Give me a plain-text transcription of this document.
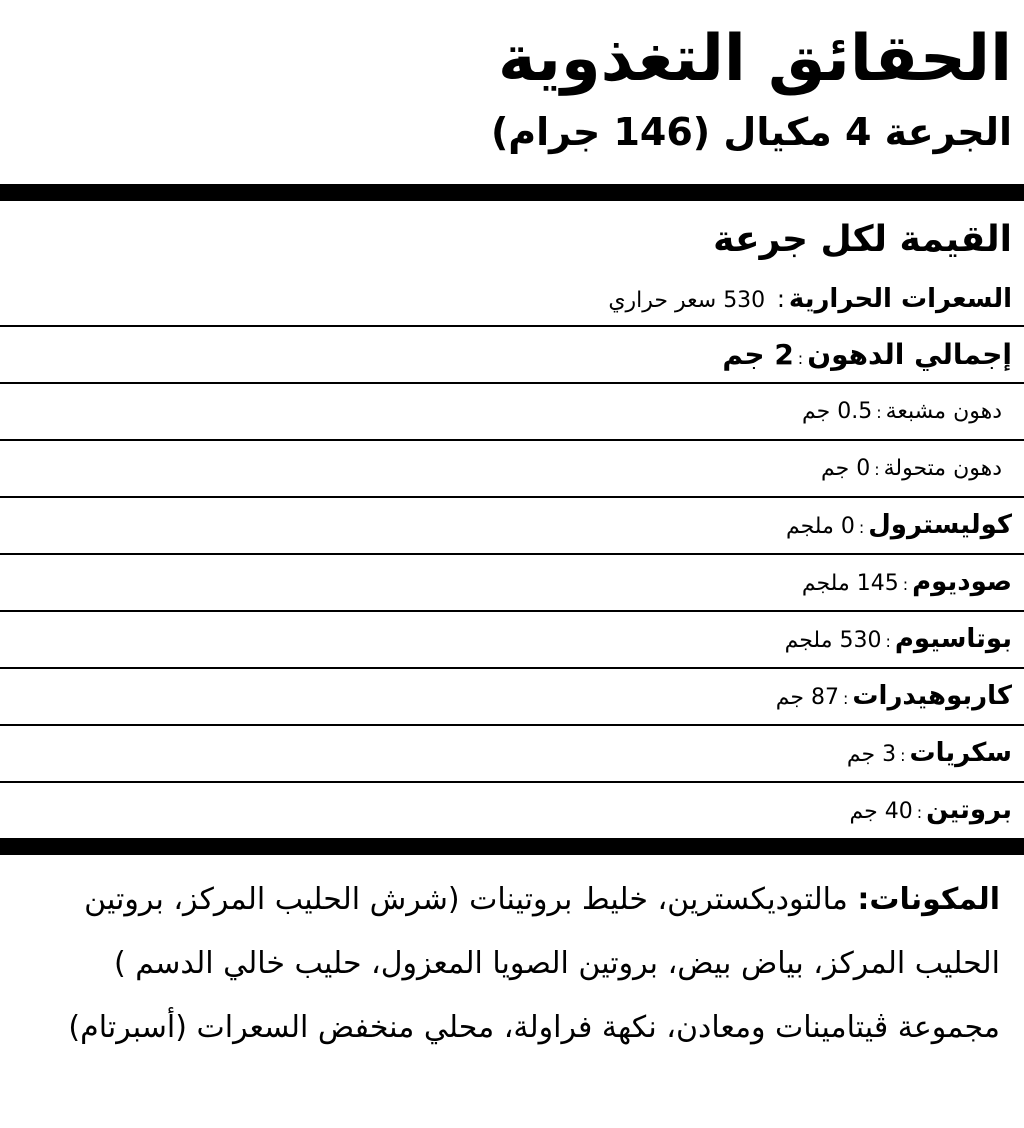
الحقائق التغذوية
الجرعة 4 مكيال (146 جرام)
القيمة لكل جرعة
السعرات الحرارية: 530 سعر حراري
إجمالي الدهون:2 جم
دهون مشبعة:0.5 جم
دهون متحولة:0 جم
كوليسترول:0 ملجم
صوديوم:145 ملجم
بوتاسيوم:530 ملجم
كاربوهيدرات:87 جم
سكريات:3 جم
بروتين:40 جم

المكونات: مالتوديكسترين، خليط بروتينات (شرش الحليب المركز، بروتين الحليب المركز، بياض بيض، بروتين الصويا المعزول، حليب خالي الدسم ) مجموعة ڤيتامينات ومعادن، نكهة فراولة، محلي منخفض السعرات (أسبرتام)
